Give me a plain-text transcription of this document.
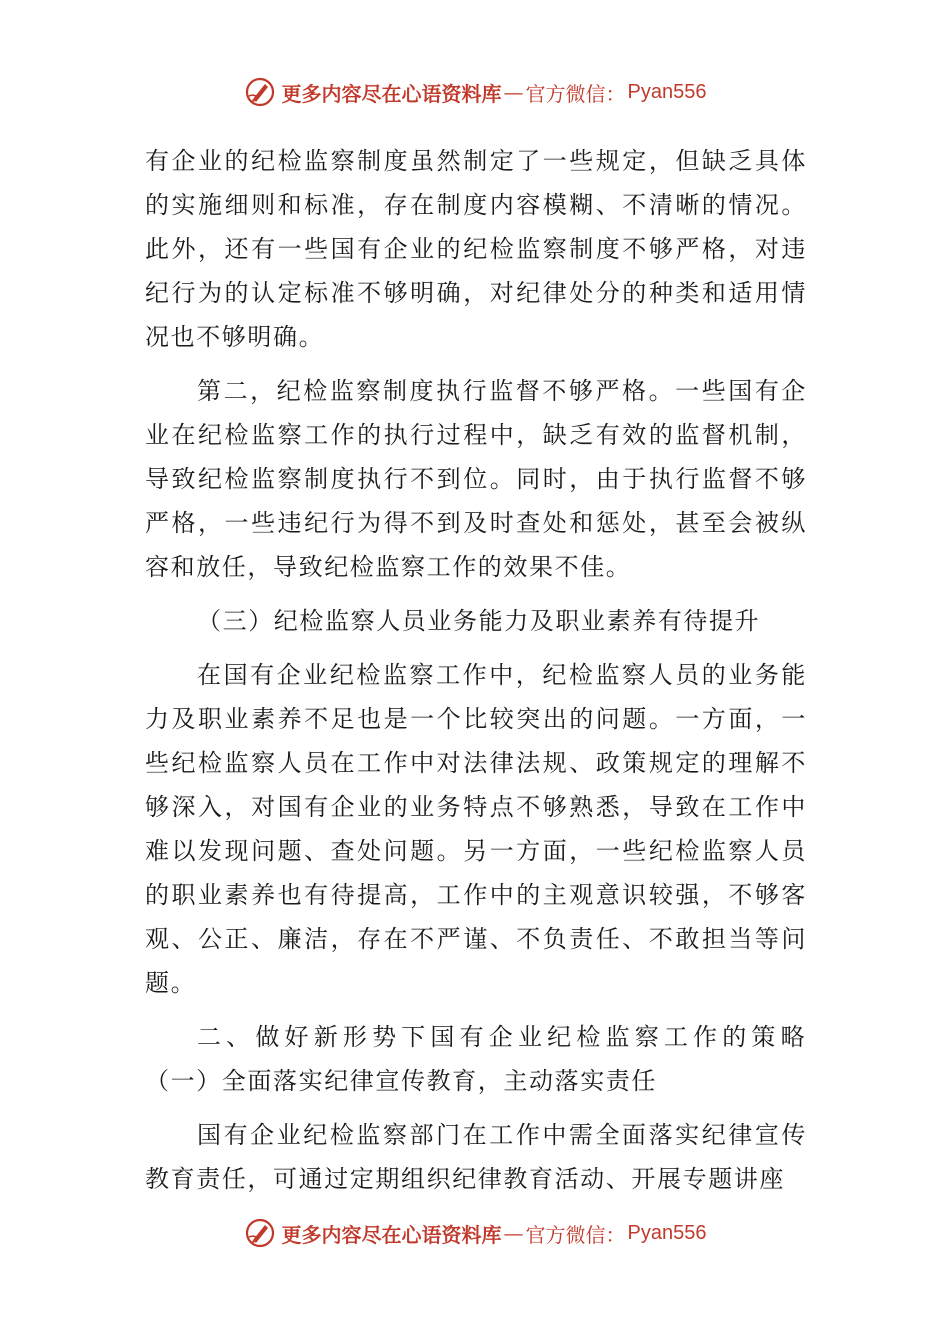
更多内容尽在心语资料库 — 官方微信： Pyan556

有企业的纪检监察制度虽然制定了一些规定，但缺乏具体的实施细则和标准，存在制度内容模糊、不清晰的情况。此外，还有一些国有企业的纪检监察制度不够严格，对违纪行为的认定标准不够明确，对纪律处分的种类和适用情况也不够明确。

第二，纪检监察制度执行监督不够严格。一些国有企业在纪检监察工作的执行过程中，缺乏有效的监督机制，导致纪检监察制度执行不到位。同时，由于执行监督不够严格，一些违纪行为得不到及时查处和惩处，甚至会被纵容和放任，导致纪检监察工作的效果不佳。

（三）纪检监察人员业务能力及职业素养有待提升

在国有企业纪检监察工作中，纪检监察人员的业务能力及职业素养不足也是一个比较突出的问题。一方面，一些纪检监察人员在工作中对法律法规、政策规定的理解不够深入，对国有企业的业务特点不够熟悉，导致在工作中难以发现问题、查处问题。另一方面，一些纪检监察人员的职业素养也有待提高，工作中的主观意识较强，不够客观、公正、廉洁，存在不严谨、不负责任、不敢担当等问题。

二、做好新形势下国有企业纪检监察工作的策略

（一）全面落实纪律宣传教育，主动落实责任

国有企业纪检监察部门在工作中需全面落实纪律宣传教育责任，可通过定期组织纪律教育活动、开展专题讲座

更多内容尽在心语资料库 — 官方微信： Pyan556
